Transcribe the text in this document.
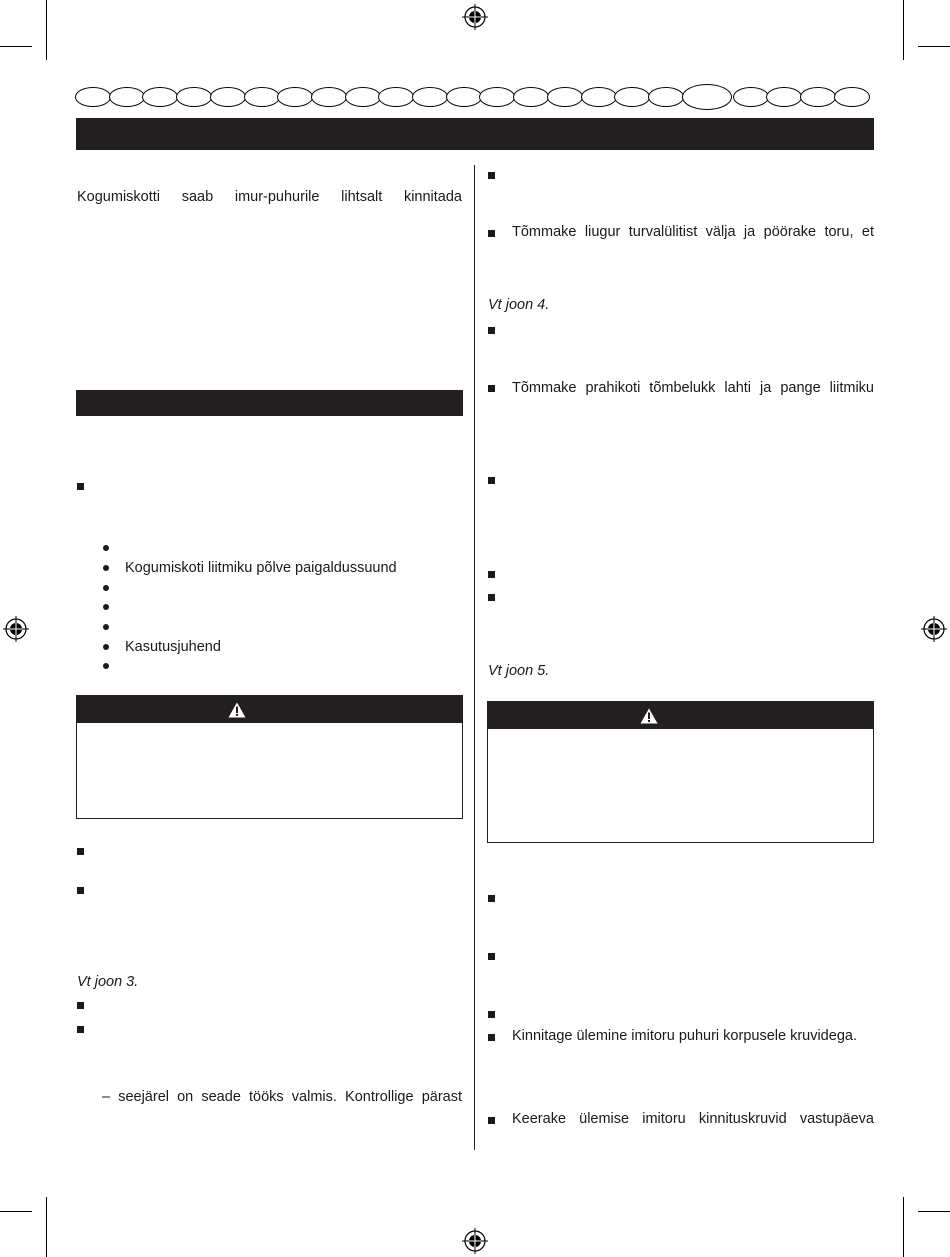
Kogumiskotti saab imur-puhurile lihtsalt kinnitada
Kogumiskoti liitmiku põlve paigaldussuund
Kasutusjuhend
Vt joon 3.
– seejärel on seade tööks valmis. Kontrollige pärast
Tõmmake liugur turvalülitist välja ja pöörake toru, et
Vt joon 4.
Tõmmake prahikoti tõmbelukk lahti ja pange liitmiku
Vt joon 5.
Kinnitage ülemine imitoru puhuri korpusele kruvidega.
Keerake ülemise imitoru kinnituskruvid vastupäeva
